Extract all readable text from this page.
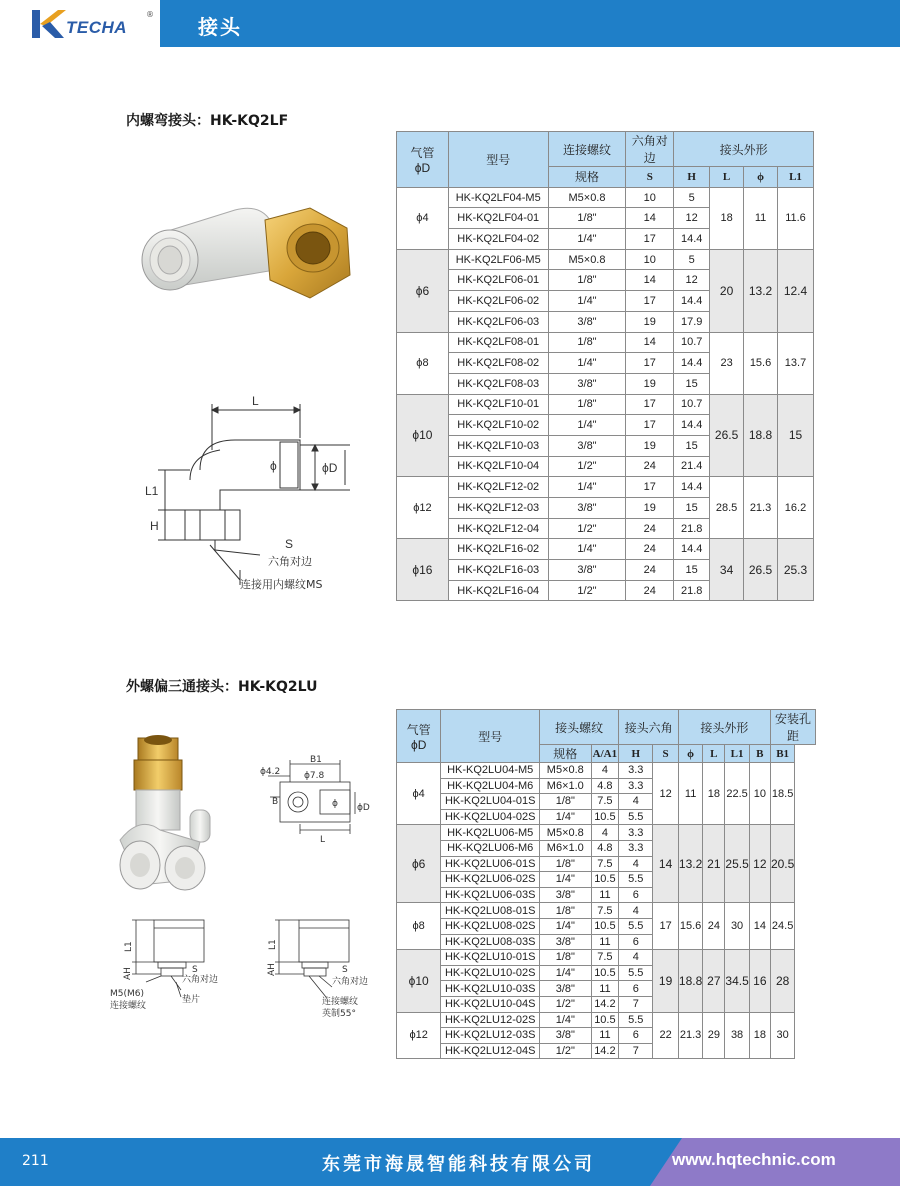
TECHA
®
接头
内螺弯接头：HK-KQ2LF
L
ϕ	ϕD
L1
H
S
六角对边
连接用内螺纹MS
气管
ϕD	型号	连接螺纹	六角对边	接头外形			
		规格	S	H	L	ϕ	L1
ϕ4	HK-KQ2LF04-M5	M5×0.8	10	5	18	11	11.6
	HK-KQ2LF04-01	1/8"	14	12			
	HK-KQ2LF04-02	1/4"	17	14.4			
ϕ6	HK-KQ2LF06-M5	M5×0.8	10	5	20	13.2	12.4
	HK-KQ2LF06-01	1/8"	14	12			
	HK-KQ2LF06-02	1/4"	17	14.4			
	HK-KQ2LF06-03	3/8"	19	17.9			
ϕ8	HK-KQ2LF08-01	1/8"	14	10.7	23	15.6	13.7
	HK-KQ2LF08-02	1/4"	17	14.4			
	HK-KQ2LF08-03	3/8"	19	15			
ϕ10	HK-KQ2LF10-01	1/8"	17	10.7	26.5	18.8	15
	HK-KQ2LF10-02	1/4"	17	14.4			
	HK-KQ2LF10-03	3/8"	19	15			
	HK-KQ2LF10-04	1/2"	24	21.4			
ϕ12	HK-KQ2LF12-02	1/4"	17	14.4	28.5	21.3	16.2
	HK-KQ2LF12-03	3/8"	19	15			
	HK-KQ2LF12-04	1/2"	24	21.8			
ϕ16	HK-KQ2LF16-02	1/4"	24	14.4	34	26.5	25.3
	HK-KQ2LF16-03	3/8"	24	15			
	HK-KQ2LF16-04	1/2"	24	21.8			
外螺偏三通接头：HK-KQ2LU
B1
ϕ4.2	ϕ7.8
B	ϕ ϕD
L
L1
AH	S
六角对边
M5(M6)
连接螺纹
垫片
L1
AH	S
六角对边
连接螺纹
英制55°
气管
ϕD	型号	接头螺纹		接头六角		接头外形				安装孔距
		规格	A/A1	H	S	ϕ	L	L1	B	B1
ϕ4	HK-KQ2LU04-M5	M5×0.8	4	3.3	12	11	18	22.5	10	18.5
	HK-KQ2LU04-M6	M6×1.0	4.8	3.3						
	HK-KQ2LU04-01S	1/8"	7.5	4						
	HK-KQ2LU04-02S	1/4"	10.5	5.5						
ϕ6	HK-KQ2LU06-M5	M5×0.8	4	3.3	14	13.2	21	25.5	12	20.5
	HK-KQ2LU06-M6	M6×1.0	4.8	3.3						
	HK-KQ2LU06-01S	1/8"	7.5	4						
	HK-KQ2LU06-02S	1/4"	10.5	5.5						
	HK-KQ2LU06-03S	3/8"	11	6						
ϕ8	HK-KQ2LU08-01S	1/8"	7.5	4	17	15.6	24	30	14	24.5
	HK-KQ2LU08-02S	1/4"	10.5	5.5						
	HK-KQ2LU08-03S	3/8"	11	6						
ϕ10	HK-KQ2LU10-01S	1/8"	7.5	4	19	18.8	27	34.5	16	28
	HK-KQ2LU10-02S	1/4"	10.5	5.5						
	HK-KQ2LU10-03S	3/8"	11	6						
	HK-KQ2LU10-04S	1/2"	14.2	7						
ϕ12	HK-KQ2LU12-02S	1/4"	10.5	5.5	22	21.3	29	38	18	30
	HK-KQ2LU12-03S	3/8"	11	6						
	HK-KQ2LU12-04S	1/2"	14.2	7						
211	东莞市海晟智能科技有限公司	www.hqtechnic.com
